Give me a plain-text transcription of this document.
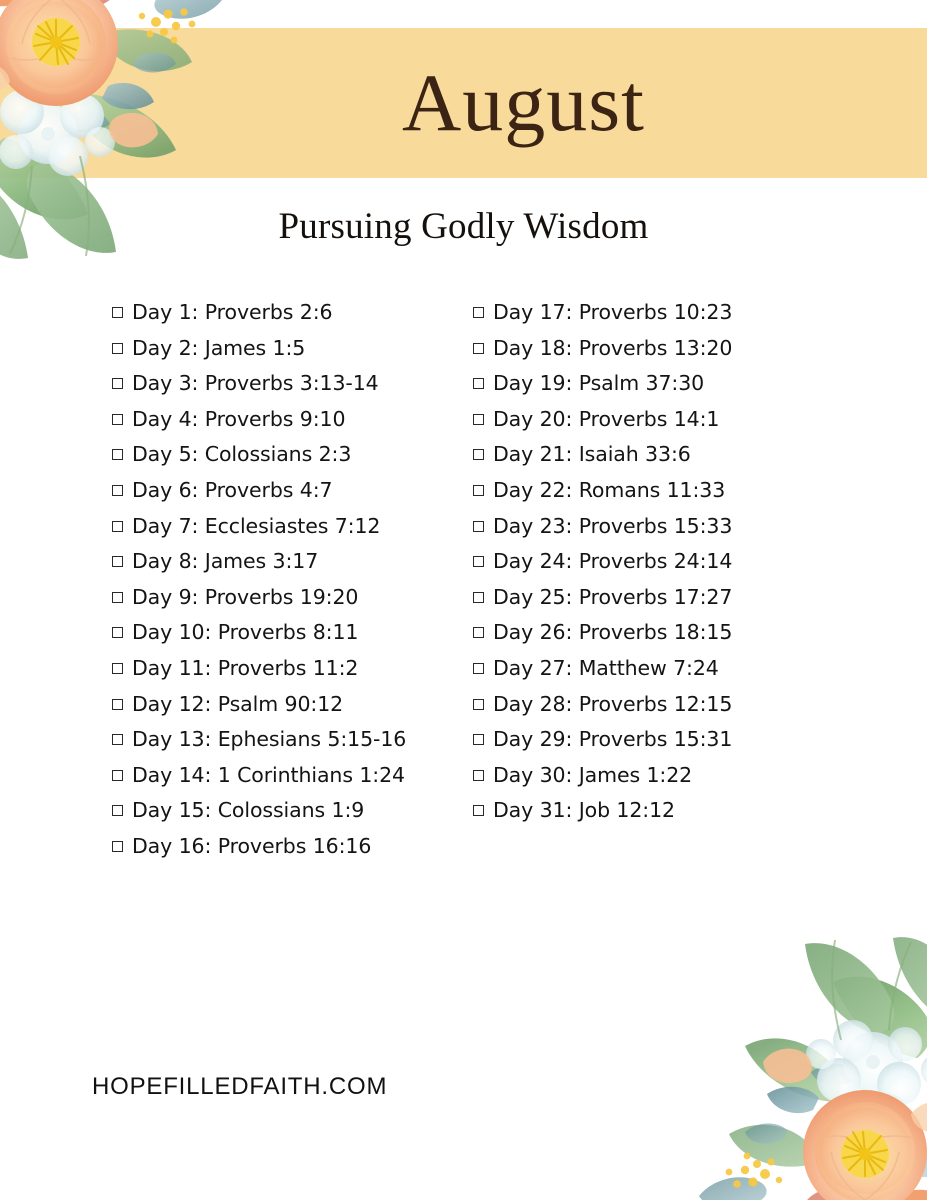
August
Pursuing Godly Wisdom
Day 1: Proverbs 2:6
Day 2: James 1:5
Day 3: Proverbs 3:13-14
Day 4: Proverbs 9:10
Day 5: Colossians 2:3
Day 6: Proverbs 4:7
Day 7: Ecclesiastes 7:12
Day 8: James 3:17
Day 9: Proverbs 19:20
Day 10: Proverbs 8:11
Day 11: Proverbs 11:2
Day 12: Psalm 90:12
Day 13: Ephesians 5:15-16
Day 14: 1 Corinthians 1:24
Day 15: Colossians 1:9
Day 16: Proverbs 16:16
Day 17: Proverbs 10:23
Day 18: Proverbs 13:20
Day 19: Psalm 37:30
Day 20: Proverbs 14:1
Day 21: Isaiah 33:6
Day 22: Romans 11:33
Day 23: Proverbs 15:33
Day 24: Proverbs 24:14
Day 25: Proverbs 17:27
Day 26: Proverbs 18:15
Day 27: Matthew 7:24
Day 28: Proverbs 12:15
Day 29: Proverbs 15:31
Day 30: James 1:22
Day 31: Job 12:12
HOPEFILLEDFAITH.COM
